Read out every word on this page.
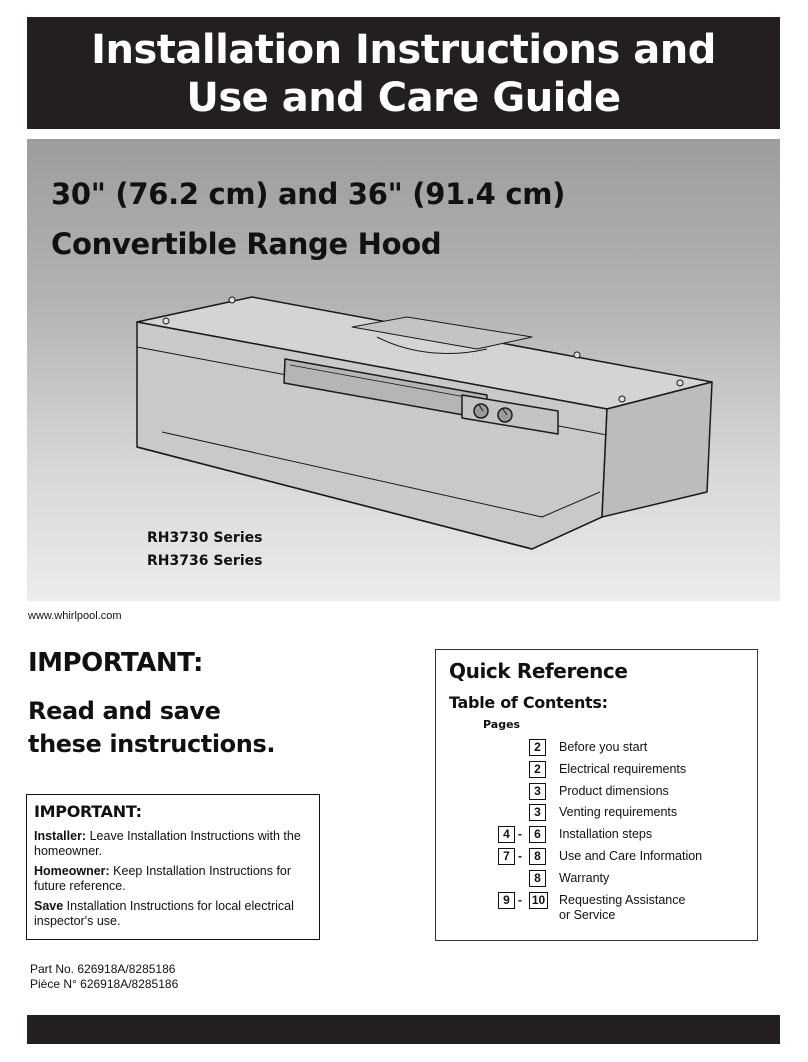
Installation Instructions and
Use and Care Guide
30" (76.2 cm) and 36" (91.4 cm)
Convertible Range Hood
RH3730 Series
RH3736 Series
www.whirlpool.com
IMPORTANT:
Read and save
these instructions.
IMPORTANT:

Installer: Leave Installation Instructions with the homeowner.

Homeowner: Keep Installation Instructions for future reference.

Save Installation Instructions for local electrical inspector's use.

Part No. 626918A/8285186
Pièce N° 626918A/8285186
Quick Reference
Table of Contents:
Pages
2	Before you start
2	Electrical requirements
3	Product dimensions
3	Venting requirements
4 -	6	Installation steps
7 -	8	Use and Care Information
8	Warranty
9 - 10 Requesting Assistance
or Service
